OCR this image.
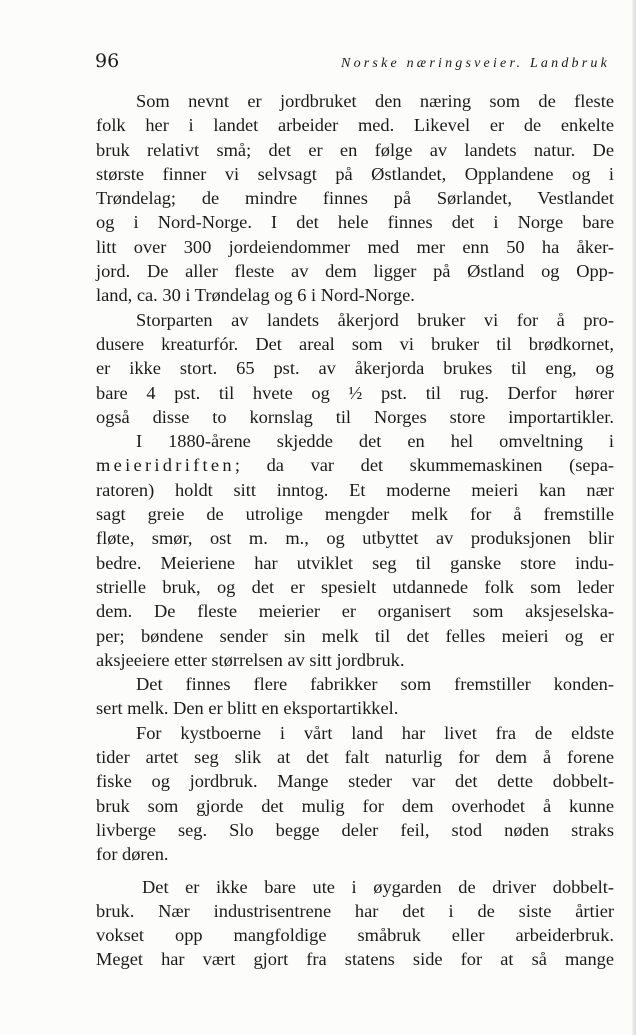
96	Norske næringsveier. Landbruk
Som nevnt er jordbruket den næring som de fleste
folk her i landet arbeider med. Likevel er de enkelte
bruk relativt små; det er en følge av landets natur. De
største finner vi selvsagt på Østlandet, Opplandene og i
Trøndelag; de mindre finnes på Sørlandet, Vestlandet
og i Nord-Norge. I det hele finnes det i Norge bare
litt over 300 jordeiendommer med mer enn 50 ha åker-
jord. De aller fleste av dem ligger på Østland og Opp-
land, ca. 30 i Trøndelag og 6 i Nord-Norge.
Storparten av landets åkerjord bruker vi for å pro-
dusere kreaturfór. Det areal som vi bruker til brødkornet,
er ikke stort. 65 pst. av åkerjorda brukes til eng, og
bare 4 pst. til hvete og ½ pst. til rug. Derfor hører
også disse to kornslag til Norges store importartikler.
I 1880-årene skjedde det en hel omveltning i
meieridriften; da var det skummemaskinen (sepa-
ratoren) holdt sitt inntog. Et moderne meieri kan nær
sagt greie de utrolige mengder melk for å fremstille
fløte, smør, ost m. m., og utbyttet av produksjonen blir
bedre. Meieriene har utviklet seg til ganske store indu-
strielle bruk, og det er spesielt utdannede folk som leder
dem. De fleste meierier er organisert som aksjeselska-
per; bøndene sender sin melk til det felles meieri og er
aksjeeiere etter størrelsen av sitt jordbruk.
Det finnes flere fabrikker som fremstiller konden-
sert melk. Den er blitt en eksportartikkel.
For kystboerne i vårt land har livet fra de eldste
tider artet seg slik at det falt naturlig for dem å forene
fiske og jordbruk. Mange steder var det dette dobbelt-
bruk som gjorde det mulig for dem overhodet å kunne
livberge seg. Slo begge deler feil, stod nøden straks
for døren.
Det er ikke bare ute i øygarden de driver dobbelt-
bruk. Nær industrisentrene har det i de siste årtier
vokset opp mangfoldige småbruk eller arbeiderbruk.
Meget har vært gjort fra statens side for at så mange
